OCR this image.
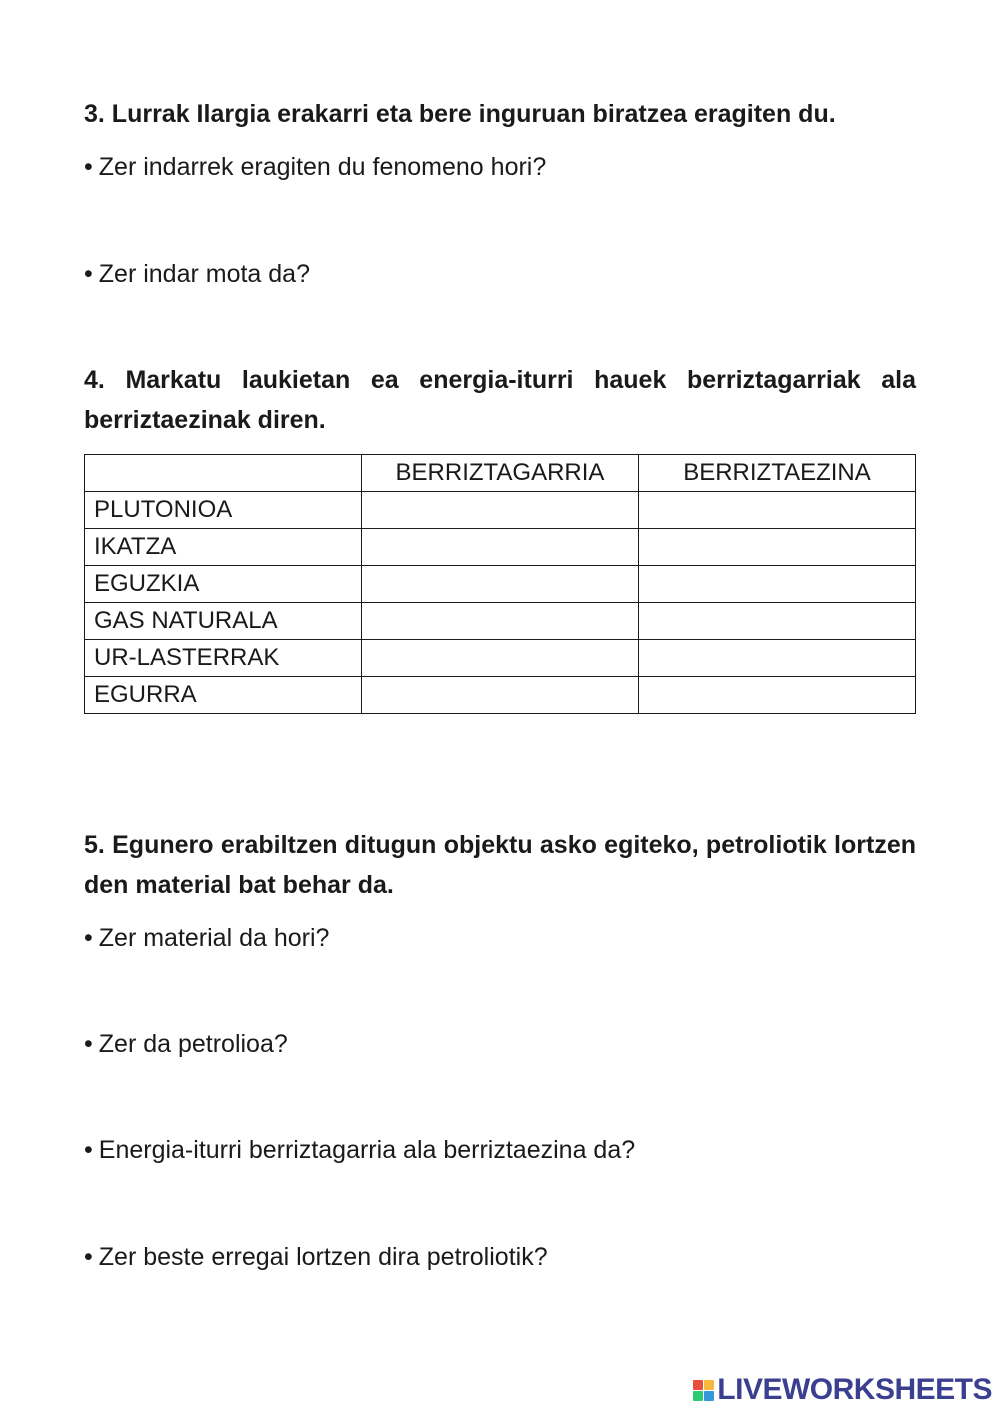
3. Lurrak Ilargia erakarri eta bere inguruan biratzea eragiten du.

• Zer indarrek eragiten du fenomeno hori?

• Zer indar mota da?

4. Markatu laukietan ea energia-iturri hauek berriztagarriak ala berriztaezinak diren.

	BERRIZTAGARRIA	BERRIZTAEZINA
PLUTONIOA		
IKATZA		
EGUZKIA		
GAS NATURALA		
UR-LASTERRAK		
EGURRA		

5. Egunero erabiltzen ditugun objektu asko egiteko, petroliotik lortzen den material bat behar da.

• Zer material da hori?

• Zer da petrolioa?

• Energia-iturri berriztagarria ala berriztaezina da?

• Zer beste erregai lortzen dira petroliotik?

LIVEWORKSHEETS
